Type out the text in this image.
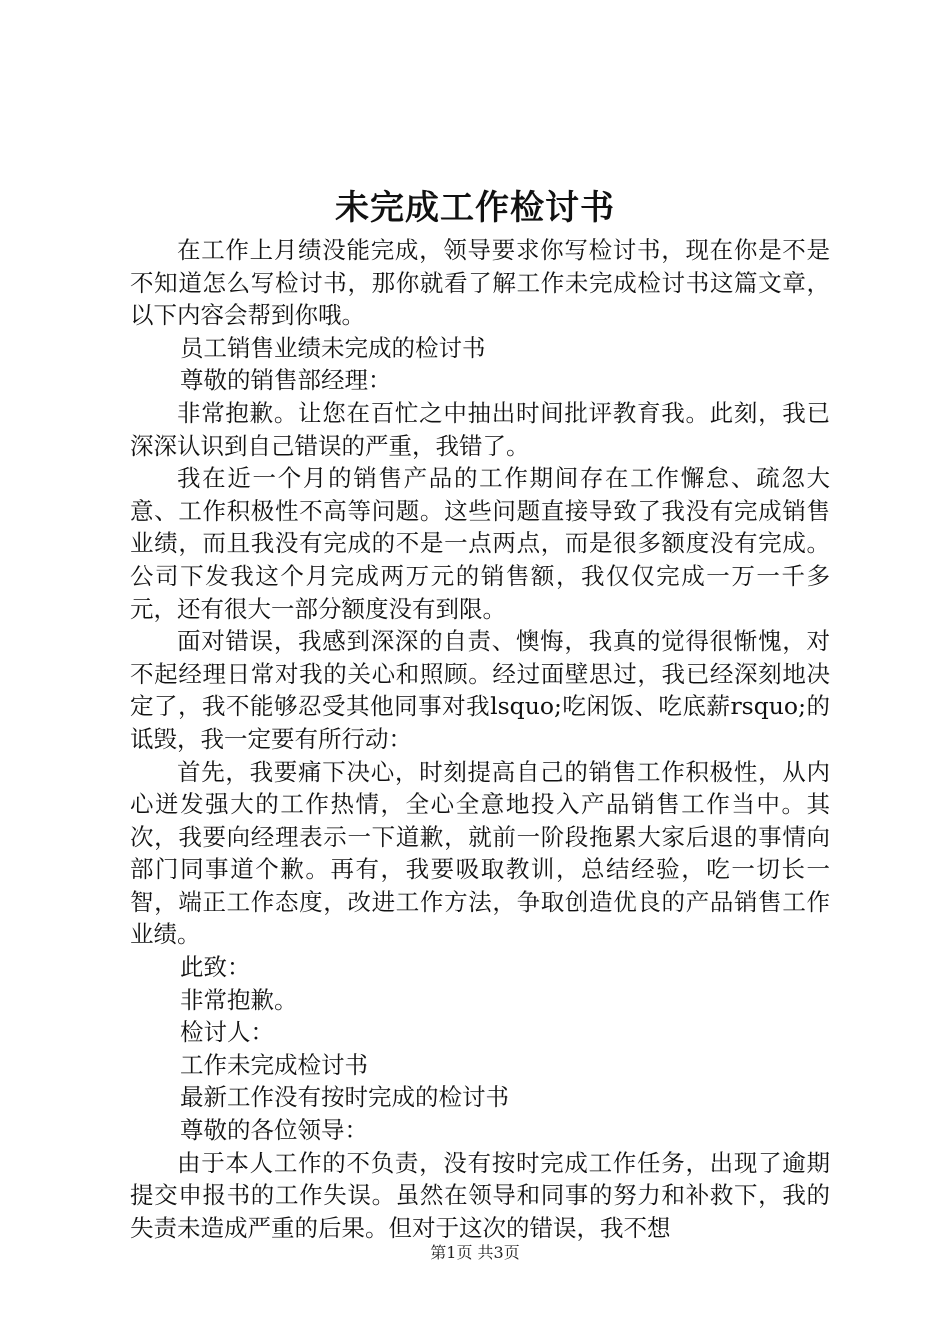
未完成工作检讨书

在工作上月绩没能完成，领导要求你写检讨书，现在你是不是不知道怎么写检讨书，那你就看了解工作未完成检讨书这篇文章，以下内容会帮到你哦。

员工销售业绩未完成的检讨书

尊敬的销售部经理：

非常抱歉。让您在百忙之中抽出时间批评教育我。此刻，我已深深认识到自己错误的严重，我错了。

我在近一个月的销售产品的工作期间存在工作懈怠、疏忽大意、工作积极性不高等问题。这些问题直接导致了我没有完成销售业绩，而且我没有完成的不是一点两点，而是很多额度没有完成。公司下发我这个月完成两万元的销售额，我仅仅完成一万一千多元，还有很大一部分额度没有到限。

面对错误，我感到深深的自责、懊悔，我真的觉得很惭愧，对不起经理日常对我的关心和照顾。经过面壁思过，我已经深刻地决定了，我不能够忍受其他同事对我lsquo;吃闲饭、吃底薪rsquo;的诋毁，我一定要有所行动：

首先，我要痛下决心，时刻提高自己的销售工作积极性，从内心迸发强大的工作热情，全心全意地投入产品销售工作当中。其次，我要向经理表示一下道歉，就前一阶段拖累大家后退的事情向部门同事道个歉。再有，我要吸取教训，总结经验，吃一切长一智，端正工作态度，改进工作方法，争取创造优良的产品销售工作业绩。

此致：

非常抱歉。

检讨人：

工作未完成检讨书

最新工作没有按时完成的检讨书

尊敬的各位领导：

由于本人工作的不负责，没有按时完成工作任务，出现了逾期提交申报书的工作失误。虽然在领导和同事的努力和补救下，我的失责未造成严重的后果。但对于这次的错误，我不想

第1页 共3页
